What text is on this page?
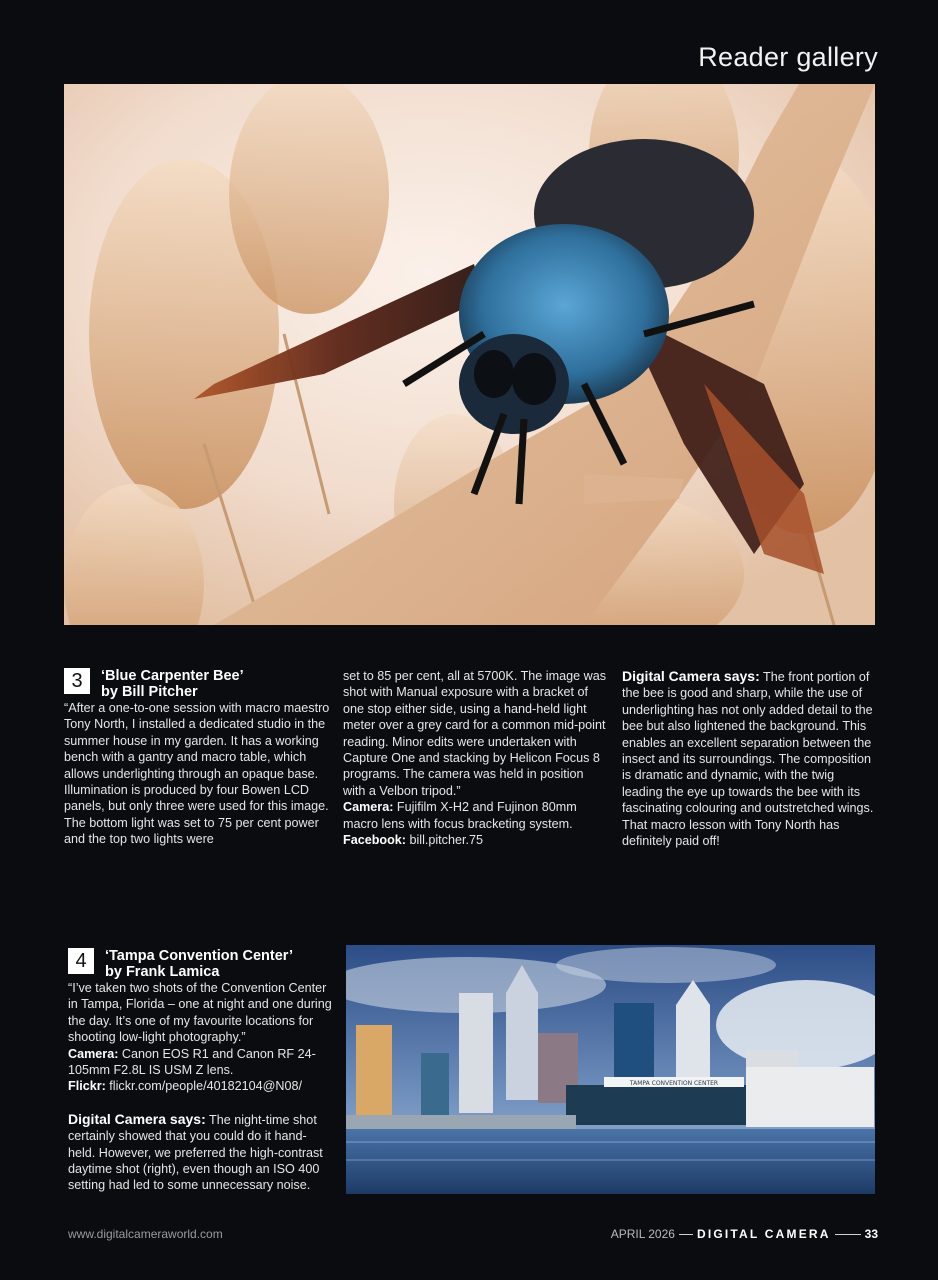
Reader gallery
3	‘Blue Carpenter Bee’
by Bill Pitcher

“After a one-to-one session with macro maestro Tony North, I installed a dedicated studio in the summer house in my garden. It has a working bench with a gantry and macro table, which allows underlighting through an opaque base. Illumination is produced by four Bowen LCD panels, but only three were used for this image. The bottom light was set to 75 per cent power and the top two lights were

set to 85 per cent, all at 5700K. The image was shot with Manual exposure with a bracket of one stop either side, using a hand-held light meter over a grey card for a common mid-point reading. Minor edits were undertaken with Capture One and stacking by Helicon Focus 8 programs. The camera was held in position with a Velbon tripod.”

Camera: Fujifilm X-H2 and Fujinon 80mm macro lens with focus bracketing system.

Facebook: bill.pitcher.75

Digital Camera says: The front portion of the bee is good and sharp, while the use of underlighting has not only added detail to the bee but also lightened the background. This enables an excellent separation between the insect and its surroundings. The composition is dramatic and dynamic, with the twig leading the eye up towards the bee with its fascinating colouring and outstretched wings. That macro lesson with Tony North has definitely paid off!

4	‘Tampa Convention Center’
by Frank Lamica

“I’ve taken two shots of the Convention Center in Tampa, Florida – one at night and one during the day. It’s one of my favourite locations for shooting low-light photography.”

Camera: Canon EOS R1 and Canon RF 24-105mm F2.8L IS USM Z lens.

Flickr: flickr.com/people/40182104@N08/

Digital Camera says: The night-time shot certainly showed that you could do it hand-held. However, we preferred the high-contrast daytime shot (right), even though an ISO 400 setting had led to some unnecessary noise.

TAMPA CONVENTION CENTER
www.digitalcameraworld.com	APRIL 2026 DIGITAL CAMERA	33
